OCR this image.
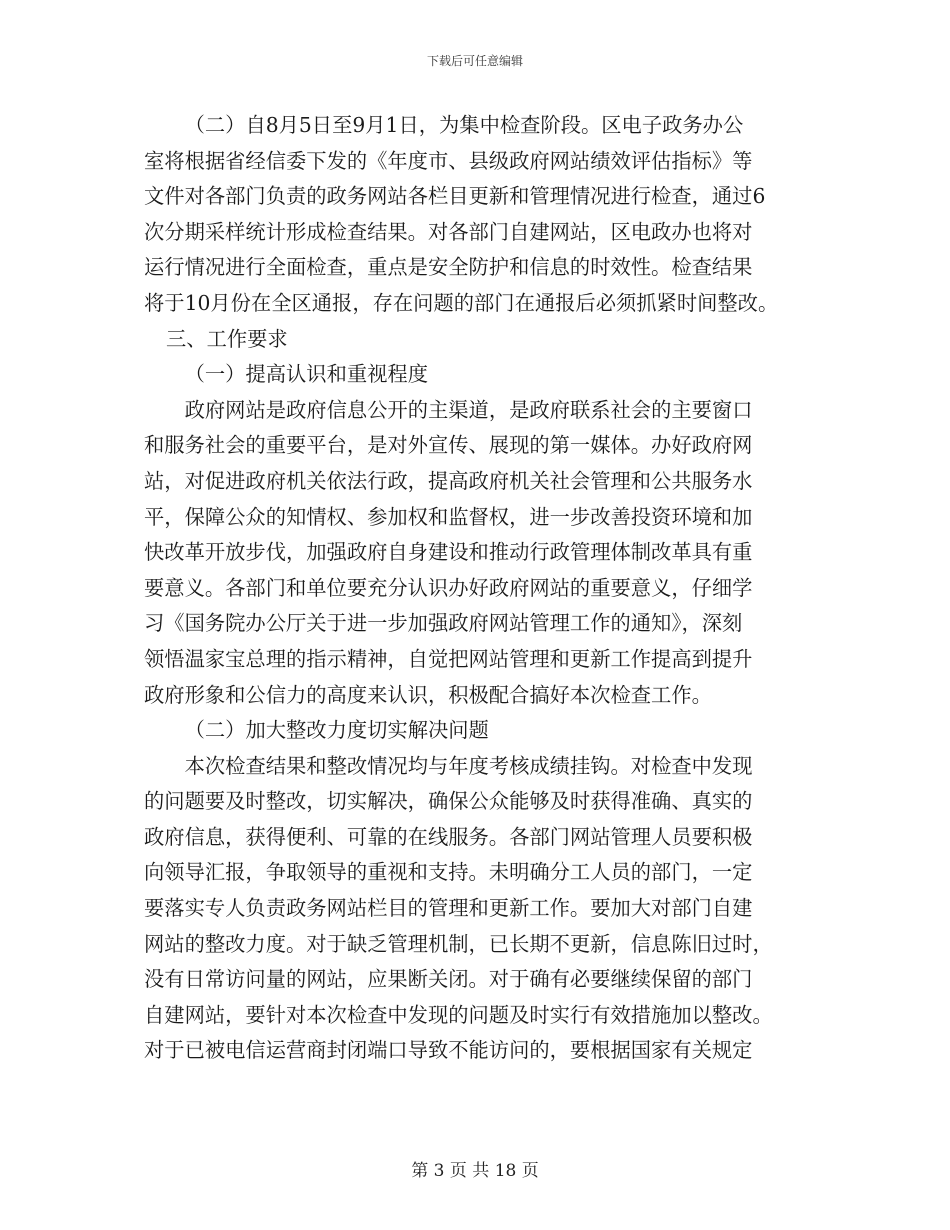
下载后可任意编辑

（二）自8月5日至9月1日，为集中检查阶段。区电子政务办公

室将根据省经信委下发的《年度市、县级政府网站绩效评估指标》等

文件对各部门负责的政务网站各栏目更新和管理情况进行检查，通过6

次分期采样统计形成检查结果。对各部门自建网站，区电政办也将对

运行情况进行全面检查，重点是安全防护和信息的时效性。检查结果

将于10月份在全区通报，存在问题的部门在通报后必须抓紧时间整改。

三、工作要求

（一）提高认识和重视程度

政府网站是政府信息公开的主渠道，是政府联系社会的主要窗口

和服务社会的重要平台，是对外宣传、展现的第一媒体。办好政府网

站，对促进政府机关依法行政，提高政府机关社会管理和公共服务水

平，保障公众的知情权、参加权和监督权，进一步改善投资环境和加

快改革开放步伐，加强政府自身建设和推动行政管理体制改革具有重

要意义。各部门和单位要充分认识办好政府网站的重要意义，仔细学

习《国务院办公厅关于进一步加强政府网站管理工作的通知》，深刻

领悟温家宝总理的指示精神，自觉把网站管理和更新工作提高到提升

政府形象和公信力的高度来认识，积极配合搞好本次检查工作。

（二）加大整改力度切实解决问题

本次检查结果和整改情况均与年度考核成绩挂钩。对检查中发现

的问题要及时整改，切实解决，确保公众能够及时获得准确、真实的

政府信息，获得便利、可靠的在线服务。各部门网站管理人员要积极

向领导汇报，争取领导的重视和支持。未明确分工人员的部门，一定

要落实专人负责政务网站栏目的管理和更新工作。要加大对部门自建

网站的整改力度。对于缺乏管理机制，已长期不更新，信息陈旧过时，

没有日常访问量的网站，应果断关闭。对于确有必要继续保留的部门

自建网站，要针对本次检查中发现的问题及时实行有效措施加以整改。

对于已被电信运营商封闭端口导致不能访问的，要根据国家有关规定

第 3 页 共 18 页
